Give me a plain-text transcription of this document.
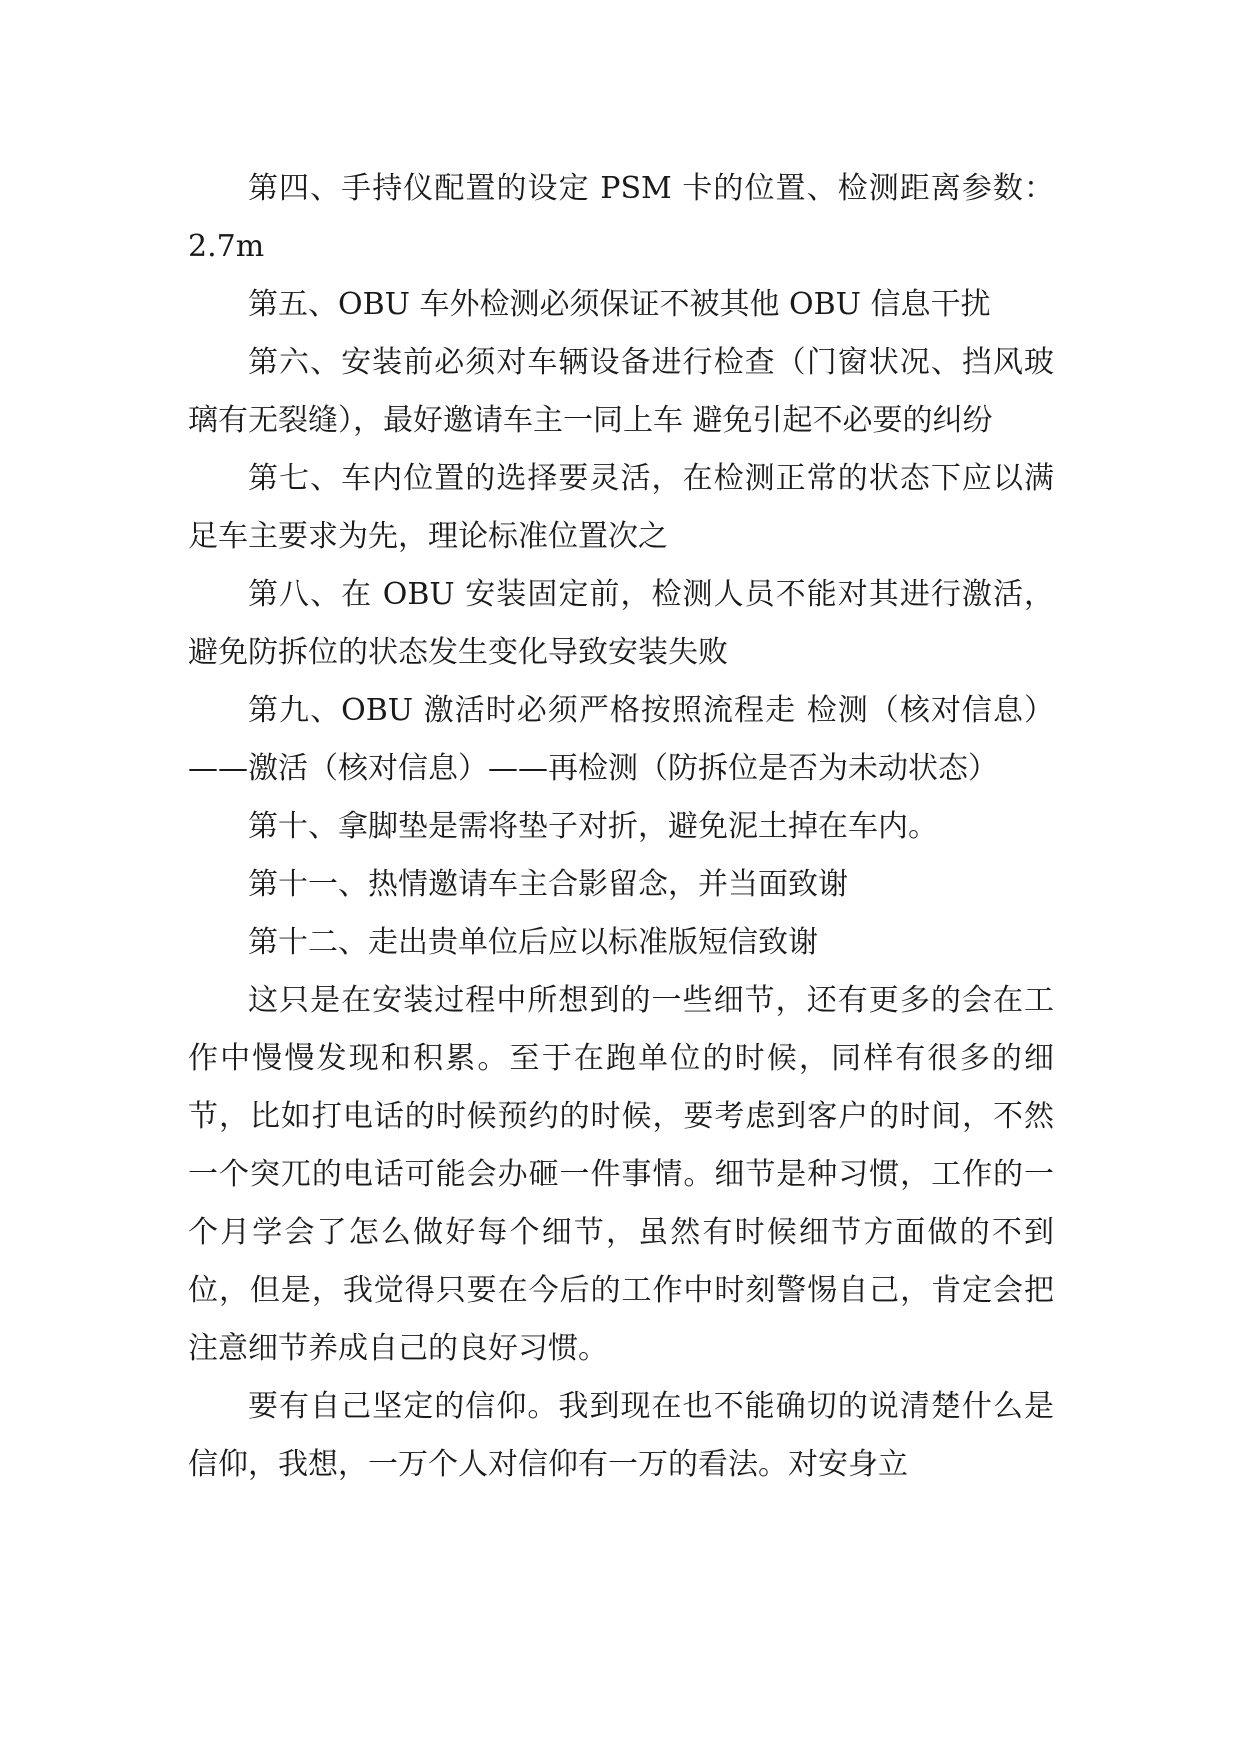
第四、手持仪配置的设定 PSM 卡的位置、检测距离参数：2.7m

第五、OBU 车外检测必须保证不被其他 OBU 信息干扰

第六、安装前必须对车辆设备进行检查（门窗状况、挡风玻璃有无裂缝），最好邀请车主一同上车 避免引起不必要的纠纷

第七、车内位置的选择要灵活，在检测正常的状态下应以满足车主要求为先，理论标准位置次之

第八、在 OBU 安装固定前，检测人员不能对其进行激活，避免防拆位的状态发生变化导致安装失败

第九、OBU 激活时必须严格按照流程走 检测（核对信息）——激活（核对信息）——再检测（防拆位是否为未动状态）

第十、拿脚垫是需将垫子对折，避免泥土掉在车内。

第十一、热情邀请车主合影留念，并当面致谢

第十二、走出贵单位后应以标准版短信致谢

这只是在安装过程中所想到的一些细节，还有更多的会在工作中慢慢发现和积累。至于在跑单位的时候，同样有很多的细节，比如打电话的时候预约的时候，要考虑到客户的时间，不然一个突兀的电话可能会办砸一件事情。细节是种习惯，工作的一个月学会了怎么做好每个细节，虽然有时候细节方面做的不到位，但是，我觉得只要在今后的工作中时刻警惕自己，肯定会把注意细节养成自己的良好习惯。

要有自己坚定的信仰。我到现在也不能确切的说清楚什么是信仰，我想，一万个人对信仰有一万的看法。对安身立
